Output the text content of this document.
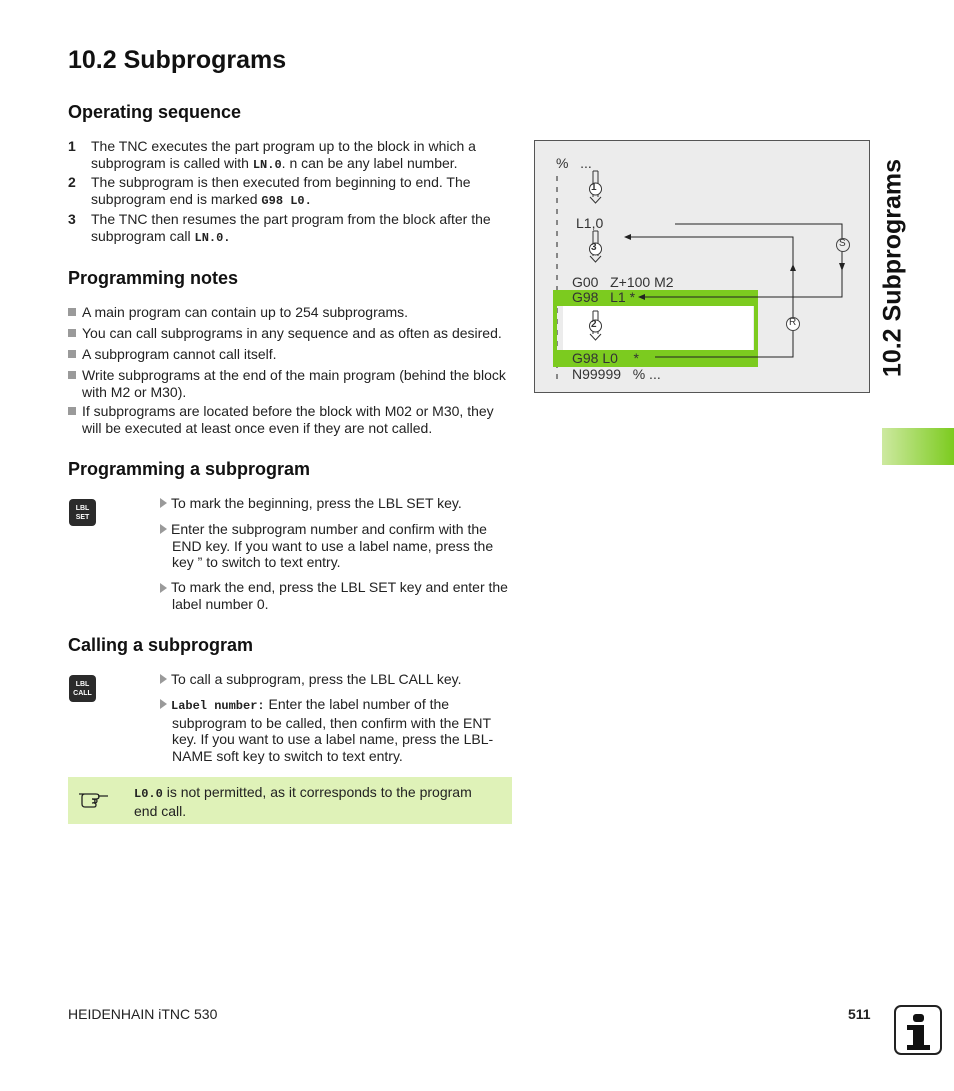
10.2 Subprograms
Operating sequence
1 The TNC executes the part program up to the block in which a
subprogram is called with LN.0. n can be any label number.
2 The subprogram is then executed from beginning to end. The
subprogram end is marked G98 L0.
3 The TNC then resumes the part program from the block after the
subprogram call LN.0.
Programming notes
A main program can contain up to 254 subprograms.
You can call subprograms in any sequence and as often as desired.
A subprogram cannot call itself.
Write subprograms at the end of the main program (behind the block
with M2 or M30).
If subprograms are located before the block with M02 or M30, they
will be executed at least once even if they are not called.
Programming a subprogram
LBL
SET
To mark the beginning, press the LBL SET key.
Enter the subprogram number and confirm with the
END key. If you want to use a label name, press the
key ” to switch to text entry.
To mark the end, press the LBL SET key and enter the
label number 0.
Calling a subprogram
LBL
CALL
To call a subprogram, press the LBL CALL key.
Label number: Enter the label number of the
subprogram to be called, then confirm with the ENT
key. If you want to use a label name, press the LBL-
NAME soft key to switch to text entry.
L0.0 is not permitted, as it corresponds to the program
end call.
%   ...
L1,0
G00   Z+100 M2
G98   L1 *
G98 L0    *
N99999   % ...
1
3
2
S
R	10.2 Subprograms
HEIDENHAIN iTNC 530	511
